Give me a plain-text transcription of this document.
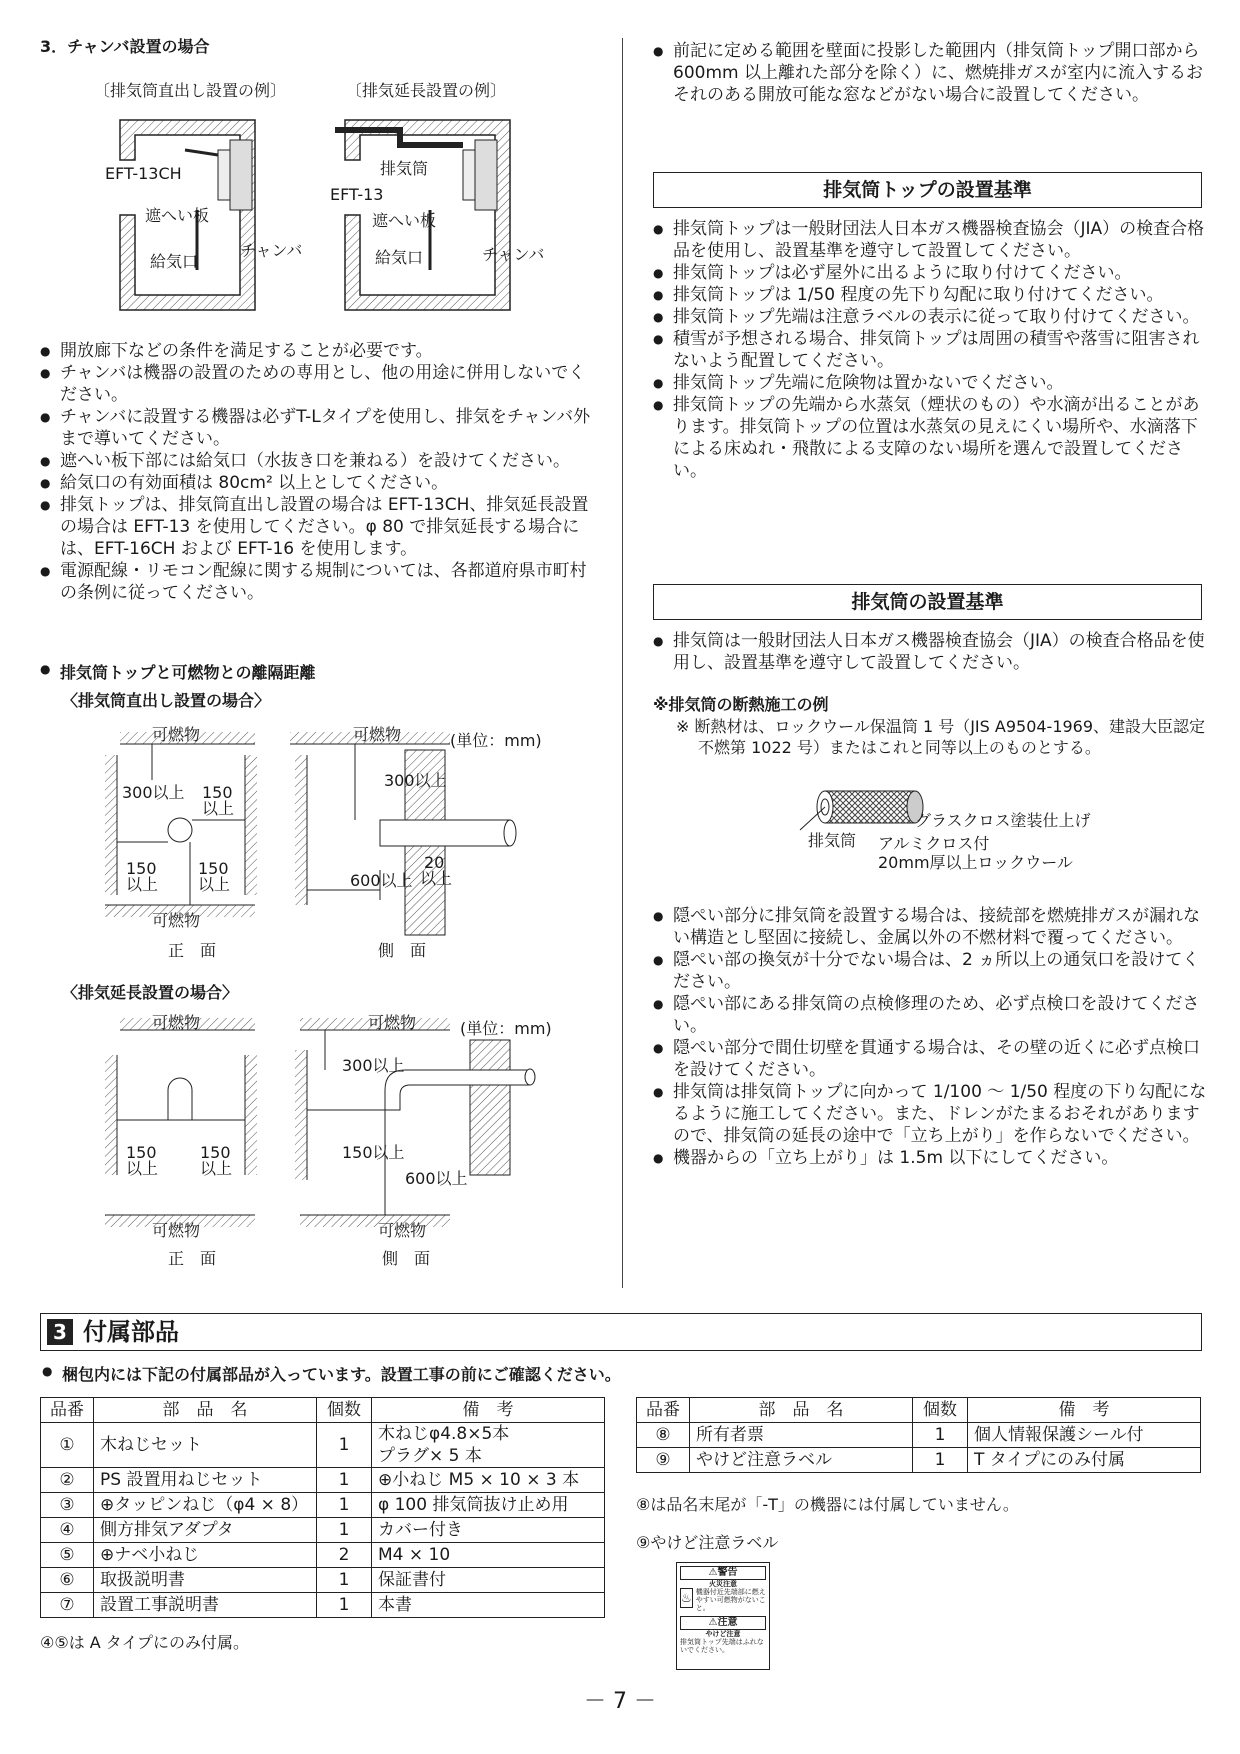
3．チャンバ設置の場合
〔排気筒直出し設置の例〕	〔排気延長設置の例〕
EFT-13CH
遮へい板
給気口
チャンバ
排気筒
EFT-13
遮へい板
給気口	チャンバ
● 開放廊下などの条件を満足することが必要です。
● チャンバは機器の設置のための専用とし、他の用途に併用しないでください。
● チャンバに設置する機器は必ずT-Lタイプを使用し、排気をチャンバ外まで導いてください。
● 遮へい板下部には給気口（水抜き口を兼ねる）を設けてください。
● 給気口の有効面積は 80cm² 以上としてください。
● 排気トップは、排気筒直出し設置の場合は EFT-13CH、排気延長設置の場合は EFT-13 を使用してください。φ 80 で排気延長する場合には、EFT-16CH および EFT-16 を使用します。
● 電源配線・リモコン配線に関する規制については、各都道府県市町村の条例に従ってください。
● 排気筒トップと可燃物との離隔距離
〈排気筒直出し設置の場合〉
可燃物	可燃物	(単位：mm)
300以上 150
以上
150
以上
150
以上
可燃物
300以上
600以上
20
以上
正　面	側　面
〈排気延長設置の場合〉
可燃物	可燃物	(単位：mm)
150
以上
150
以上
300以上
150以上
600以上
可燃物	可燃物
正　面	側　面
● 前記に定める範囲を壁面に投影した範囲内（排気筒トップ開口部から 600mm 以上離れた部分を除く）に、燃焼排ガスが室内に流入するおそれのある開放可能な窓などがない場合に設置してください。
排気筒トップの設置基準
● 排気筒トップは一般財団法人日本ガス機器検査協会（JIA）の検査合格品を使用し、設置基準を遵守して設置してください。
● 排気筒トップは必ず屋外に出るように取り付けてください。
● 排気筒トップは 1/50 程度の先下り勾配に取り付けてください。
● 排気筒トップ先端は注意ラベルの表示に従って取り付けてください。
● 積雪が予想される場合、排気筒トップは周囲の積雪や落雪に阻害されないよう配置してください。
● 排気筒トップ先端に危険物は置かないでください。
● 排気筒トップの先端から水蒸気（煙状のもの）や水滴が出ることがあります。排気筒トップの位置は水蒸気の見えにくい場所や、水滴落下による床ぬれ・飛散による支障のない場所を選んで設置してください。
排気筒の設置基準
● 排気筒は一般財団法人日本ガス機器検査協会（JIA）の検査合格品を使用し、設置基準を遵守して設置してください。
※排気筒の断熱施工の例
※ 断熱材は、ロックウール保温筒 1 号（JIS A9504-1969、建設大臣認定不燃第 1022 号）またはこれと同等以上のものとする。
グラスクロス塗装仕上げ
排気筒 アルミクロス付
20mm厚以上ロックウール
● 隠ぺい部分に排気筒を設置する場合は、接続部を燃焼排ガスが漏れない構造とし堅固に接続し、金属以外の不燃材料で覆ってください。
● 隠ぺい部の換気が十分でない場合は、2 ヵ所以上の通気口を設けてください。
● 隠ぺい部にある排気筒の点検修理のため、必ず点検口を設けてください。
● 隠ぺい部分で間仕切壁を貫通する場合は、その壁の近くに必ず点検口を設けてください。
● 排気筒は排気筒トップに向かって 1/100 ～ 1/50 程度の下り勾配になるように施工してください。また、ドレンがたまるおそれがありますので、排気筒の延長の途中で「立ち上がり」を作らないでください。
● 機器からの「立ち上がり」は 1.5m 以下にしてください。
3 付属部品
● 梱包内には下記の付属部品が入っています。設置工事の前にご確認ください。
品番	部　品　名	個数	備　考
①	木ねじセット	1	木ねじφ4.8×5本
プラグ× 5 本

②	PS 設置用ねじセット	1	⊕小ねじ M5 × 10 × 3 本
③	⊕タッピンねじ（φ4 × 8）	1	φ 100 排気筒抜け止め用
④	側方排気アダプタ	1	カバー付き
⑤	⊕ナベ小ねじ	2	M4 × 10
⑥	取扱説明書	1	保証書付
⑦	設置工事説明書	1	本書
④⑤は A タイプにのみ付属。
品番	部　品　名	個数	備　考
⑧	所有者票	1	個人情報保護シール付
⑨	やけど注意ラベル	1	T タイプにのみ付属
⑧は品名末尾が「-T」の機器には付属していません。
⑨やけど注意ラベル
⚠警告
火災注意
♨ 機器付近先端部に燃えやすい可燃物がないこと。
⚠注意
やけど注意
排気筒トップ先端はふれないでください。
－ 7 －
